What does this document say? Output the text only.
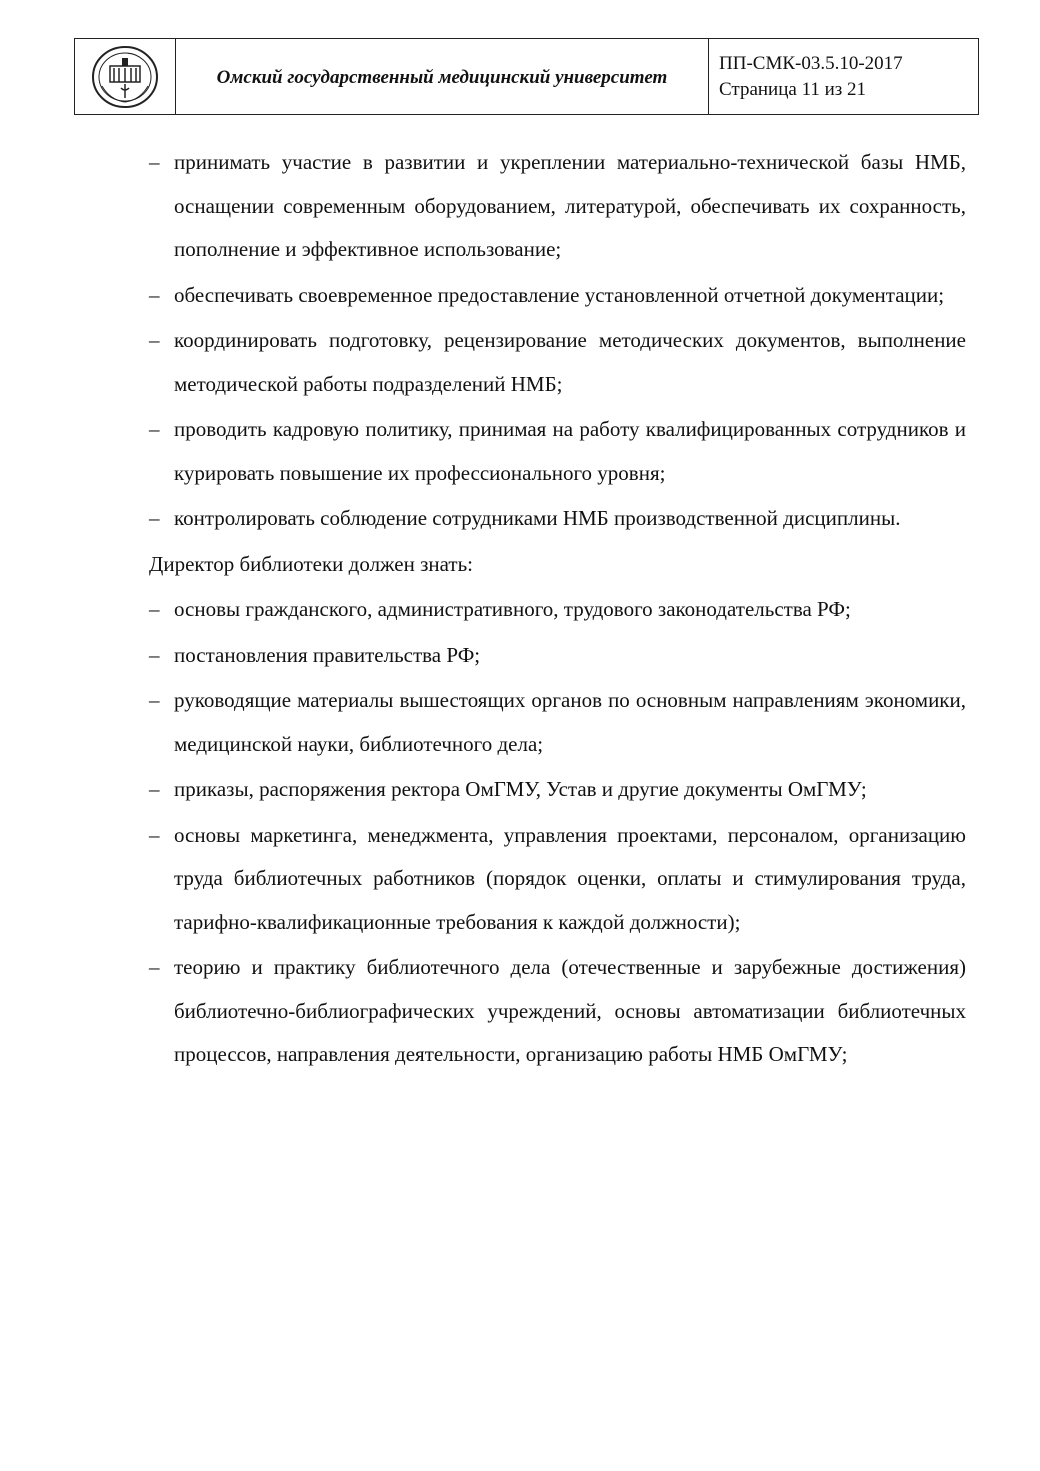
Омский государственный медицинский университет
ПП-СМК-03.5.10-2017
Страница 11 из 21
– принимать участие в развитии и укреплении материально-технической базы НМБ, оснащении современным оборудованием, литературой, обеспечивать их сохранность, пополнение и эффективное использование;
– обеспечивать своевременное предоставление установленной отчетной документации;
– координировать подготовку, рецензирование методических документов, выполнение методической работы подразделений НМБ;
– проводить кадровую политику, принимая на работу квалифицированных сотрудников и курировать повышение их профессионального уровня;
– контролировать соблюдение сотрудниками НМБ производственной дисциплины.
Директор библиотеки должен знать:
– основы гражданского, административного, трудового законодательства РФ;
– постановления правительства РФ;
– руководящие материалы вышестоящих органов по основным направлениям экономики, медицинской науки, библиотечного дела;
– приказы, распоряжения ректора ОмГМУ, Устав и другие документы ОмГМУ;
– основы маркетинга, менеджмента, управления проектами, персоналом, организацию труда библиотечных работников (порядок оценки, оплаты и стимулирования труда, тарифно-квалификационные требования к каждой должности);
– теорию и практику библиотечного дела (отечественные и зарубежные достижения) библиотечно-библиографических учреждений, основы автоматизации библиотечных процессов, направления деятельности, организацию работы НМБ ОмГМУ;
